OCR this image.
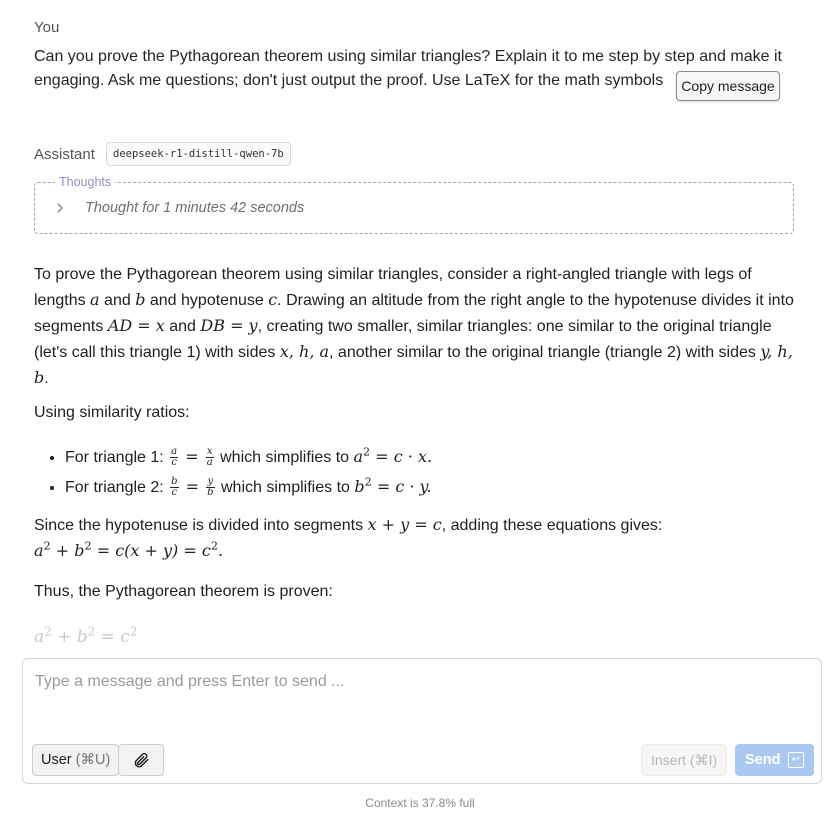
You

Can you prove the Pythagorean theorem using similar triangles? Explain it to me step by step and make it engaging. Ask me questions; don't just output the proof. Use LaTeX for the math symbols	Copy message
Assistant	deepseek-r1-distill-qwen-7b
Thoughts
Thought for 1 minutes 42 seconds

To prove the Pythagorean theorem using similar triangles, consider a right-angled triangle with legs of lengths a and b and hypotenuse c. Drawing an altitude from the right angle to the hypotenuse divides it into segments AD = x and DB = y, creating two smaller, similar triangles: one similar to the original triangle (let's call this triangle 1) with sides x, h, a, another similar to the original triangle (triangle 2) with sides y, h, b.

Using similarity ratios:

• For triangle 1: $\frac{a}{c} = \frac{x}{a}$ which simplifies to $a^2 = c \cdot x$.
• For triangle 2: $\frac{b}{c} = \frac{y}{b}$ which simplifies to $b^2 = c \cdot y$.

Since the hypotenuse is divided into segments x + y = c, adding these equations gives:
$a^2 + b^2 = c(x + y) = c^2$.

Thus, the Pythagorean theorem is proven:

$a^2 + b^2 = c^2$
Type a message and press Enter to send ...
User (⌘U)	Insert (⌘I)	Send	↩
Context is 37.8% full
